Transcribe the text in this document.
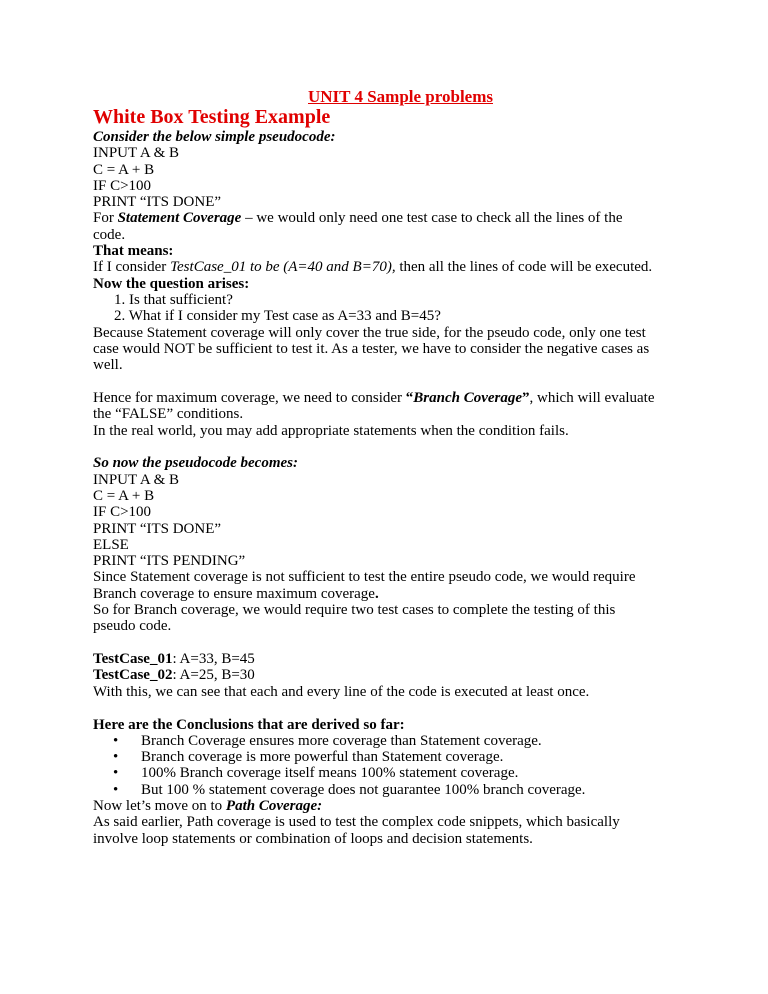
UNIT 4 Sample problems
White Box Testing Example
Consider the below simple pseudocode:
INPUT A & B
C = A + B
IF C>100
PRINT “ITS DONE”
For Statement Coverage – we would only need one test case to check all the lines of the
code.
That means:
If I consider TestCase_01 to be (A=40 and B=70), then all the lines of code will be executed.
Now the question arises:
1. Is that sufficient?
2. What if I consider my Test case as A=33 and B=45?
Because Statement coverage will only cover the true side, for the pseudo code, only one test
case would NOT be sufficient to test it. As a tester, we have to consider the negative cases as
well.
Hence for maximum coverage, we need to consider “Branch Coverage”, which will evaluate
the “FALSE” conditions.
In the real world, you may add appropriate statements when the condition fails.
So now the pseudocode becomes:
INPUT A & B
C = A + B
IF C>100
PRINT “ITS DONE”
ELSE
PRINT “ITS PENDING”
Since Statement coverage is not sufficient to test the entire pseudo code, we would require
Branch coverage to ensure maximum coverage.
So for Branch coverage, we would require two test cases to complete the testing of this
pseudo code.
TestCase_01: A=33, B=45
TestCase_02: A=25, B=30
With this, we can see that each and every line of the code is executed at least once.
Here are the Conclusions that are derived so far:
• Branch Coverage ensures more coverage than Statement coverage.
• Branch coverage is more powerful than Statement coverage.
• 100% Branch coverage itself means 100% statement coverage.
• But 100 % statement coverage does not guarantee 100% branch coverage.
Now let’s move on to Path Coverage:
As said earlier, Path coverage is used to test the complex code snippets, which basically
involve loop statements or combination of loops and decision statements.
